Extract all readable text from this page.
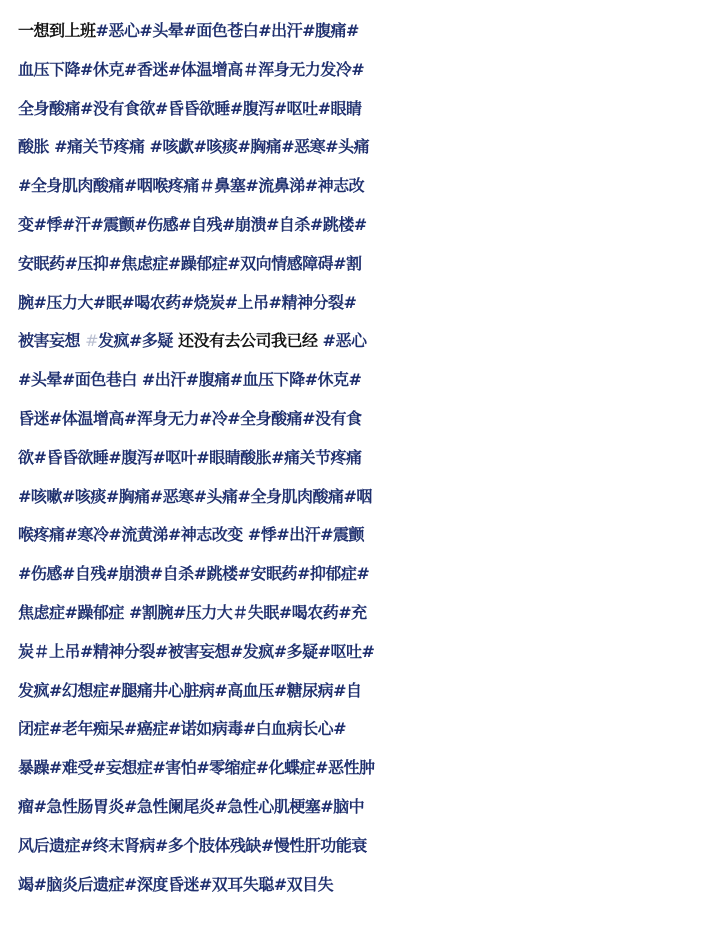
一想到上班#恶心#头晕#面色苍白#出汗#腹痛#
血压下降#休克#香迷#体温增高＃浑身无力发冷#
全身酸痛#没有食欲#昏昏欲睡#腹泻#呕吐#眼睛
酸胀 #痛关节疼痛 #咳歔#咳痰#胸痛#恶寒#头痛
#全身肌肉酸痛#咽喉疼痛＃鼻塞#流鼻涕#神志改
变#悸#汗#震颤#伤感#自残#崩溃#自杀#跳楼#
安眠药#压抑#焦虑症#躁郁症#双向情感障碍#割
腕#压力大#眠#喝农药#烧炭#上吊#精神分裂#
被害妄想 #发疯#多疑 还没有去公司我已经 #恶心
#头晕#面色巷白 #出汗#腹痛#血压下降#休克#
昏迷#体温增高#浑身无力#冷#全身酸痛#没有食
欲#昏昏欲睡#腹泻#呕叶#眼睛酸胀#痛关节疼痛
#咳嗽#咳痰#胸痛#恶寒#头痛#全身肌肉酸痛#咽
喉疼痛#寒冷#流黄涕#神志改变 #悸#出汗#震颤
#伤感#自残#崩溃#自杀#跳楼#安眠药#抑郁症#
焦虑症#躁郁症 #割腕#压力大＃失眠#喝农药#充
炭＃上吊#精神分裂#被害妄想#发疯#多疑#呕吐#
发疯#幻想症#腿痛井心脏病#高血压#糖尿病#自
闭症#老年痴呆#癌症#诺如病毒#白血病长心#
暴躁#难受#妄想症#害怕#零缩症#化蝶症#恶性肿
瘤#急性肠胃炎#急性阑尾炎#急性心肌梗塞#脑中
风后遗症#终末肾病#多个肢体残缺#慢性肝功能衰
竭#脑炎后遗症#深度昏迷#双耳失聪#双目失
